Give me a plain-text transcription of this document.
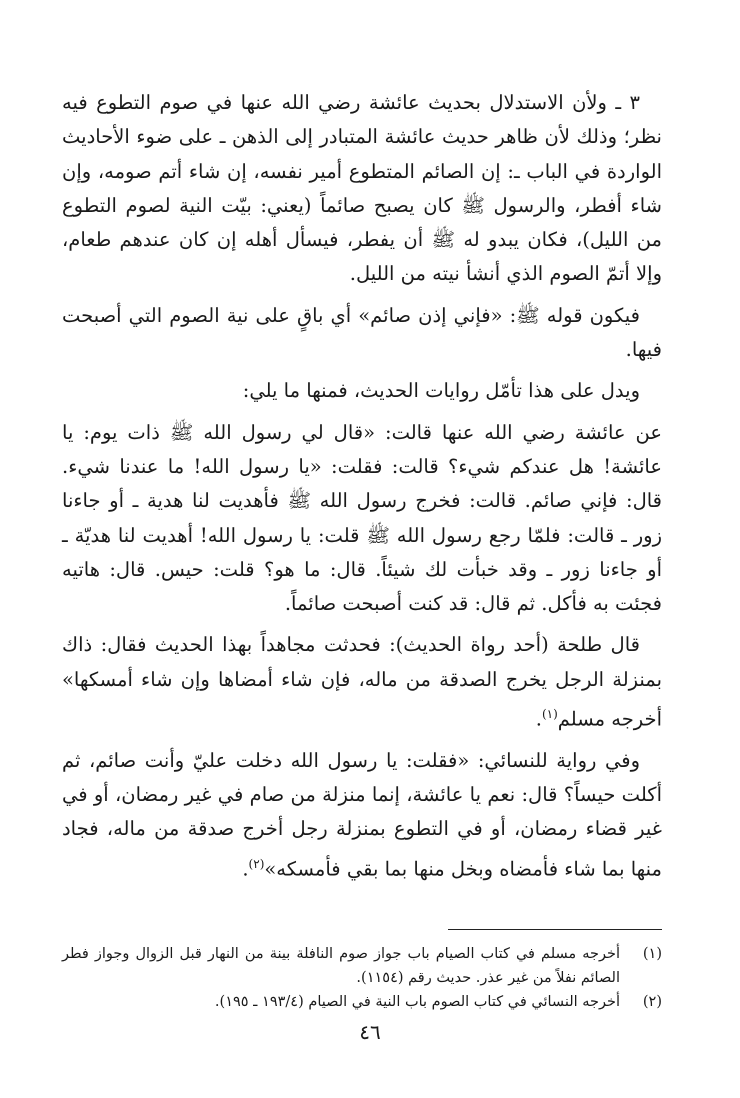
٣ ـ ولأن الاستدلال بحديث عائشة رضي الله عنها في صوم التطوع فيه نظر؛ وذلك لأن ظاهر حديث عائشة المتبادر إلى الذهن ـ على ضوء الأحاديث الواردة في الباب ـ: إن الصائم المتطوع أمير نفسه، إن شاء أتم صومه، وإن شاء أفطر، والرسول ﷺ كان يصبح صائماً (يعني: بيّت النية لصوم التطوع من الليل)، فكان يبدو له ﷺ أن يفطر، فيسأل أهله إن كان عندهم طعام، وإلا أتمّ الصوم الذي أنشأ نيته من الليل.

فيكون قوله ﷺ: «فإني إذن صائم» أي باقٍ على نية الصوم التي أصبحت فيها.

ويدل على هذا تأمّل روايات الحديث، فمنها ما يلي:

عن عائشة رضي الله عنها قالت: «قال لي رسول الله ﷺ ذات يوم: يا عائشة! هل عندكم شيء؟ قالت: فقلت: «يا رسول الله! ما عندنا شيء. قال: فإني صائم. قالت: فخرج رسول الله ﷺ فأهديت لنا هدية ـ أو جاءنا زور ـ قالت: فلمّا رجع رسول الله ﷺ قلت: يا رسول الله! أهديت لنا هديّة ـ أو جاءنا زور ـ وقد خبأت لك شيئاً. قال: ما هو؟ قلت: حيس. قال: هاتيه فجئت به فأكل. ثم قال: قد كنت أصبحت صائماً.

قال طلحة (أحد رواة الحديث): فحدثت مجاهداً بهذا الحديث فقال: ذاك بمنزلة الرجل يخرج الصدقة من ماله، فإن شاء أمضاها وإن شاء أمسكها» أخرجه مسلم$^{(١)}$.

وفي رواية للنسائي: «فقلت: يا رسول الله دخلت عليّ وأنت صائم، ثم أكلت حيساً؟ قال: نعم يا عائشة، إنما منزلة من صام في غير رمضان، أو في غير قضاء رمضان، أو في التطوع بمنزلة رجل أخرج صدقة من ماله، فجاد منها بما شاء فأمضاه وبخل منها بما بقي فأمسكه»$^{(٢)}$.

(١)
أخرجه مسلم في كتاب الصيام باب جواز صوم النافلة بينة من النهار قبل الزوال وجواز فطر الصائم نفلاً من غير عذر. حديث رقم (١١٥٤).
(٢)
أخرجه النسائي في كتاب الصوم باب النية في الصيام (١٩٣/٤ ـ ١٩٥).
٤٦
